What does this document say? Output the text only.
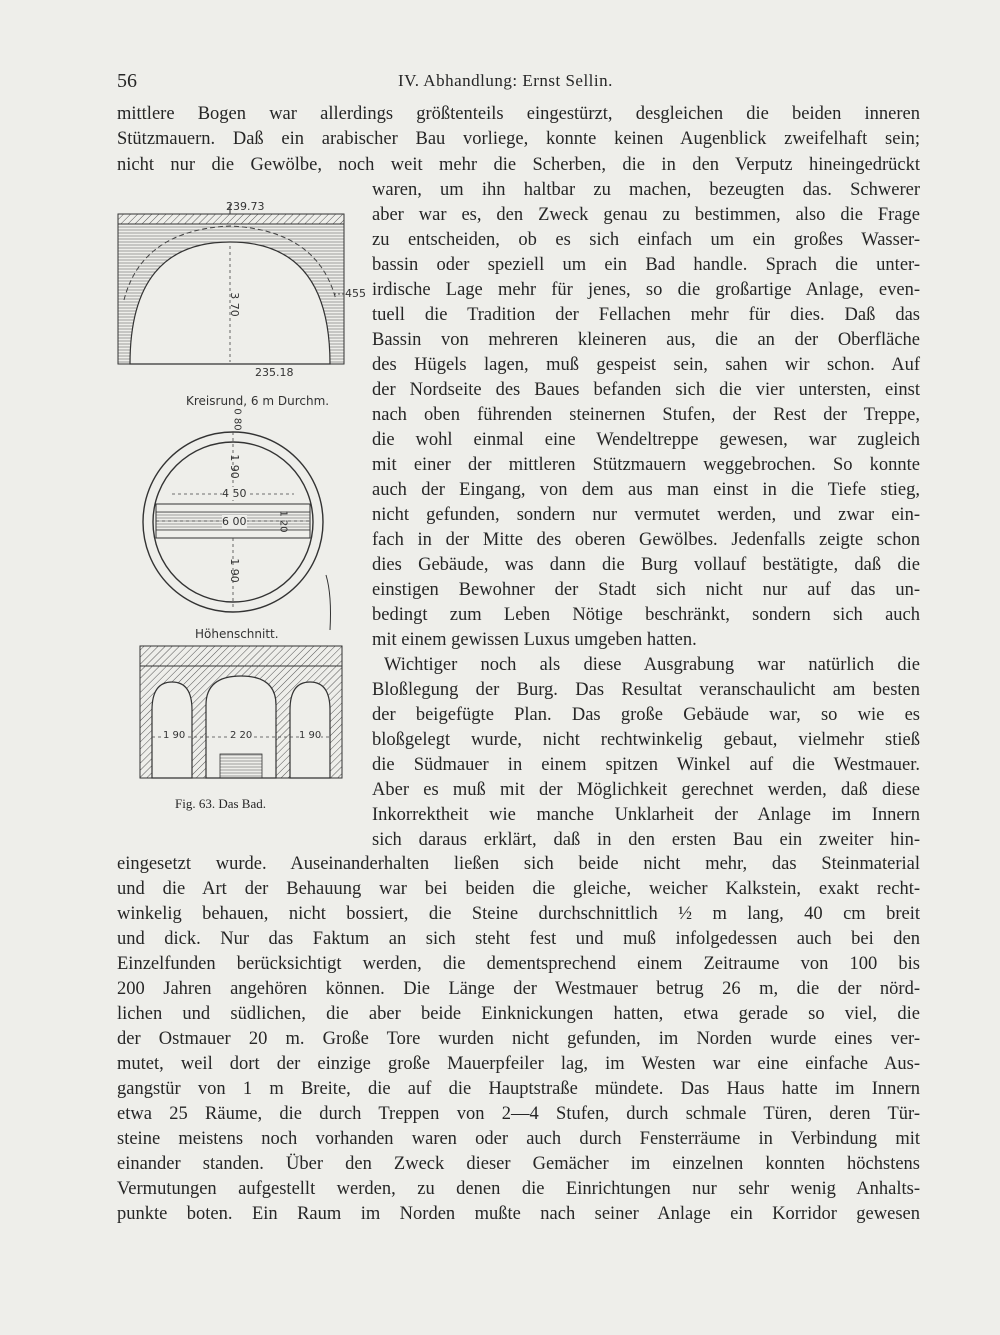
56	IV. Abhandlung: Ernst Sellin.
mittlere Bogen war allerdings größtenteils eingestürzt, desgleichen die beiden inneren
Stützmauern. Daß ein arabischer Bau vorliege, konnte keinen Augenblick zweifelhaft sein;
nicht nur die Gewölbe, noch weit mehr die Scherben, die in den Verputz hineingedrückt
waren, um ihn haltbar zu machen, bezeugten das. Schwerer
aber war es, den Zweck genau zu bestimmen, also die Frage
zu entscheiden, ob es sich einfach um ein großes Wasser-
bassin oder speziell um ein Bad handle. Sprach die unter-
irdische Lage mehr für jenes, so die großartige Anlage, even-
tuell die Tradition der Fellachen mehr für dies. Daß das
Bassin von mehreren kleineren aus, die an der Oberfläche
des Hügels lagen, muß gespeist sein, sahen wir schon. Auf
der Nordseite des Baues befanden sich die vier untersten, einst
nach oben führenden steinernen Stufen, der Rest der Treppe,
die wohl einmal eine Wendeltreppe gewesen, war zugleich
mit einer der mittleren Stützmauern weggebrochen. So konnte
auch der Eingang, von dem aus man einst in die Tiefe stieg,
nicht gefunden, sondern nur vermutet werden, und zwar ein-
fach in der Mitte des oberen Gewölbes. Jedenfalls zeigte schon
dies Gebäude, was dann die Burg vollauf bestätigte, daß die
einstigen Bewohner der Stadt sich nicht nur auf das un-
bedingt zum Leben Nötige beschränkt, sondern sich auch
mit einem gewissen Luxus umgeben hatten.
Wichtiger noch als diese Ausgrabung war natürlich die
Bloßlegung der Burg. Das Resultat veranschaulicht am besten
der beigefügte Plan. Das große Gebäude war, so wie es
bloßgelegt wurde, nicht rechtwinkelig gebaut, vielmehr stieß
die Südmauer in einem spitzen Winkel auf die Westmauer.
Aber es muß mit der Möglichkeit gerechnet werden, daß diese
Inkorrektheit wie manche Unklarheit der Anlage im Innern
sich daraus erklärt, daß in den ersten Bau ein zweiter hin-
eingesetzt wurde. Auseinanderhalten ließen sich beide nicht mehr, das Steinmaterial
und die Art der Behauung war bei beiden die gleiche, weicher Kalkstein, exakt recht-
winkelig behauen, nicht bossiert, die Steine durchschnittlich ½ m lang, 40 cm breit
und dick. Nur das Faktum an sich steht fest und muß infolgedessen auch bei den
Einzelfunden berücksichtigt werden, die dementsprechend einem Zeitraume von 100 bis
200 Jahren angehören können. Die Länge der Westmauer betrug 26 m, die der nörd-
lichen und südlichen, die aber beide Einknickungen hatten, etwa gerade so viel, die
der Ostmauer 20 m. Große Tore wurden nicht gefunden, im Norden wurde eines ver-
mutet, weil dort der einzige große Mauerpfeiler lag, im Westen war eine einfache Aus-
gangstür von 1 m Breite, die auf die Hauptstraße mündete. Das Haus hatte im Innern
etwa 25 Räume, die durch Treppen von 2—4 Stufen, durch schmale Türen, deren Tür-
steine meistens noch vorhanden waren oder auch durch Fensterräume in Verbindung mit
einander standen. Über den Zweck dieser Gemächer im einzelnen konnten höchstens
Vermutungen aufgestellt werden, zu denen die Einrichtungen nur sehr wenig Anhalts-
punkte boten. Ein Raum im Norden mußte nach seiner Anlage ein Korridor gewesen
239.73
455
3 70
235.18
Kreisrund, 6 m Durchm.
0 80
1 90
4 50
6 00	1 20
1 90
Höhenschnitt.
1 90	2 20	1 90
Fig. 63. Das Bad.
